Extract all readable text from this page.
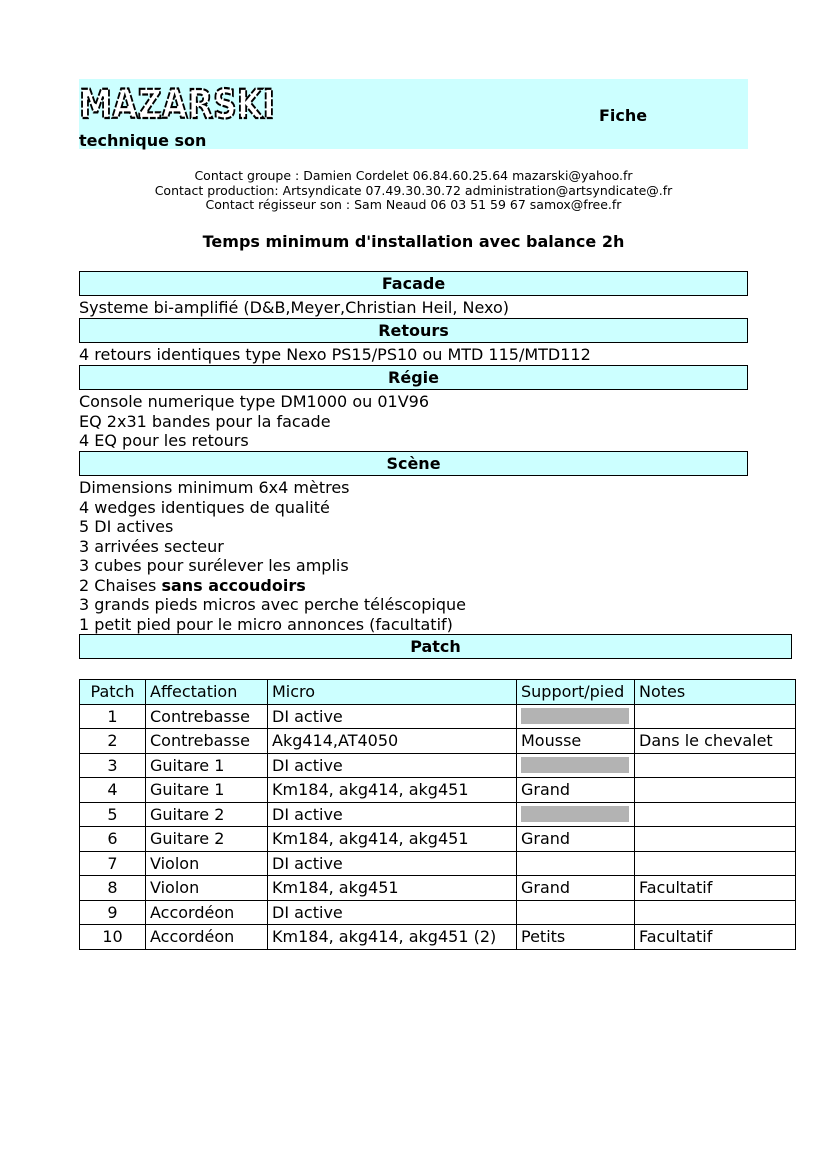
MAZARSKI	Fiche
technique son
Contact groupe : Damien Cordelet 06.84.60.25.64 mazarski@yahoo.fr
Contact production: Artsyndicate 07.49.30.30.72 administration@artsyndicate@.fr
Contact régisseur son : Sam Neaud 06 03 51 59 67 samox@free.fr
Temps minimum d'installation avec balance 2h
Facade
Systeme bi-amplifié (D&B,Meyer,Christian Heil, Nexo)
Retours
4 retours identiques type Nexo PS15/PS10 ou MTD 115/MTD112
Régie
Console numerique type DM1000 ou 01V96
EQ 2x31 bandes pour la facade
4 EQ pour les retours
Scène
Dimensions minimum 6x4 mètres
4 wedges identiques de qualité
5 DI actives
3 arrivées secteur
3 cubes pour surélever les amplis
2 Chaises sans accoudoirs
3 grands pieds micros avec perche téléscopique
1 petit pied pour le micro annonces (facultatif)
Patch
Patch	Affectation	Micro	Support/pied	Notes
1	Contrebasse	DI active	

2	Contrebasse	Akg414,AT4050	Mousse	Dans le chevalet
3	Guitare 1	DI active	

4	Guitare 1	Km184, akg414, akg451	Grand	
5	Guitare 2	DI active	

6	Guitare 2	Km184, akg414, akg451	Grand	
7	Violon	DI active		
8	Violon	Km184, akg451	Grand	Facultatif
9	Accordéon	DI active		
10	Accordéon	Km184, akg414, akg451 (2)	Petits	Facultatif
